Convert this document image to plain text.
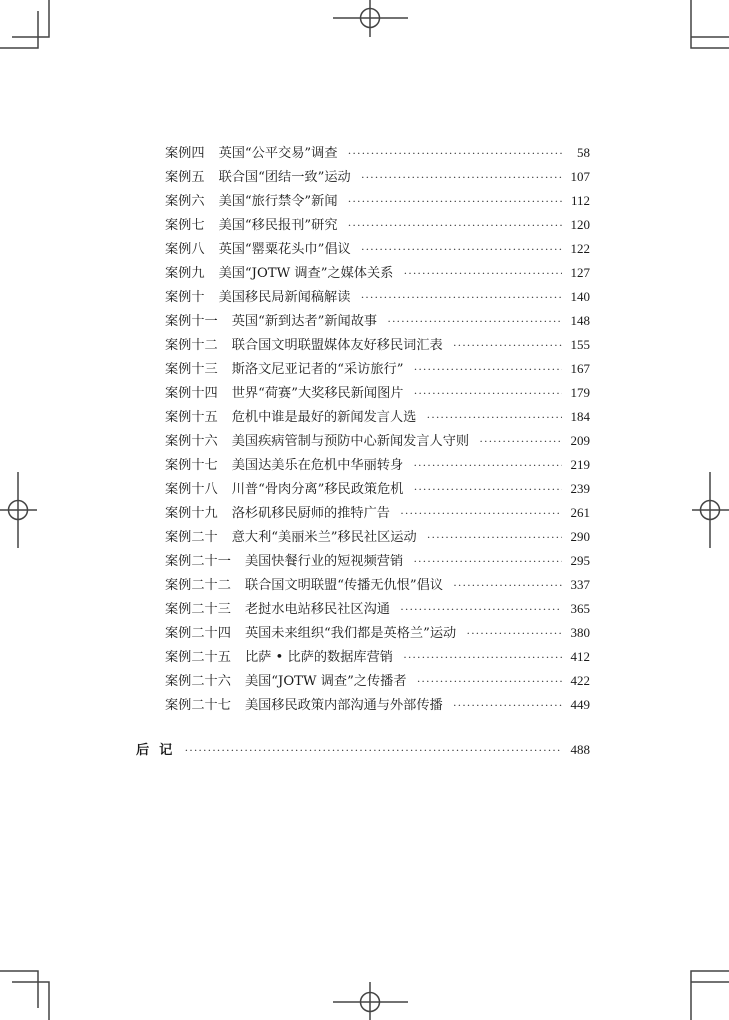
案例四 英国“公平交易”调查 ·····	58
案例五 联合国“团结一致”运动 ·····	107
案例六 美国“旅行禁令”新闻 ·····	112
案例七 美国“移民报刊”研究 ·····	120
案例八 英国“罂粟花头巾”倡议 ·····	122
案例九 美国“JOTW 调查”之媒体关系 ·····	127
案例十 美国移民局新闻稿解读 ·····	140
案例十一 英国“新到达者”新闻故事 ·····	148
案例十二 联合国文明联盟媒体友好移民词汇表 ·····	155
案例十三 斯洛文尼亚记者的“采访旅行” ·····	167
案例十四 世界“荷赛”大奖移民新闻图片 ·····	179
案例十五 危机中谁是最好的新闻发言人选 ·····	184
案例十六 美国疾病管制与预防中心新闻发言人守则 ·····	209
案例十七 美国达美乐在危机中华丽转身 ·····	219
案例十八 川普“骨肉分离”移民政策危机 ·····	239
案例十九 洛杉矶移民厨师的推特广告 ·····	261
案例二十 意大利“美丽米兰”移民社区运动 ·····	290
案例二十一 美国快餐行业的短视频营销 ·····	295
案例二十二 联合国文明联盟“传播无仇恨”倡议 ·····	337
案例二十三 老挝水电站移民社区沟通 ·····	365
案例二十四 英国未来组织“我们都是英格兰”运动 ·····	380
案例二十五 比萨 • 比萨的数据库营销 ·····	412
案例二十六 美国“JOTW 调查”之传播者 ·····	422
案例二十七 美国移民政策内部沟通与外部传播 ·····	449
后记 ·····	488
